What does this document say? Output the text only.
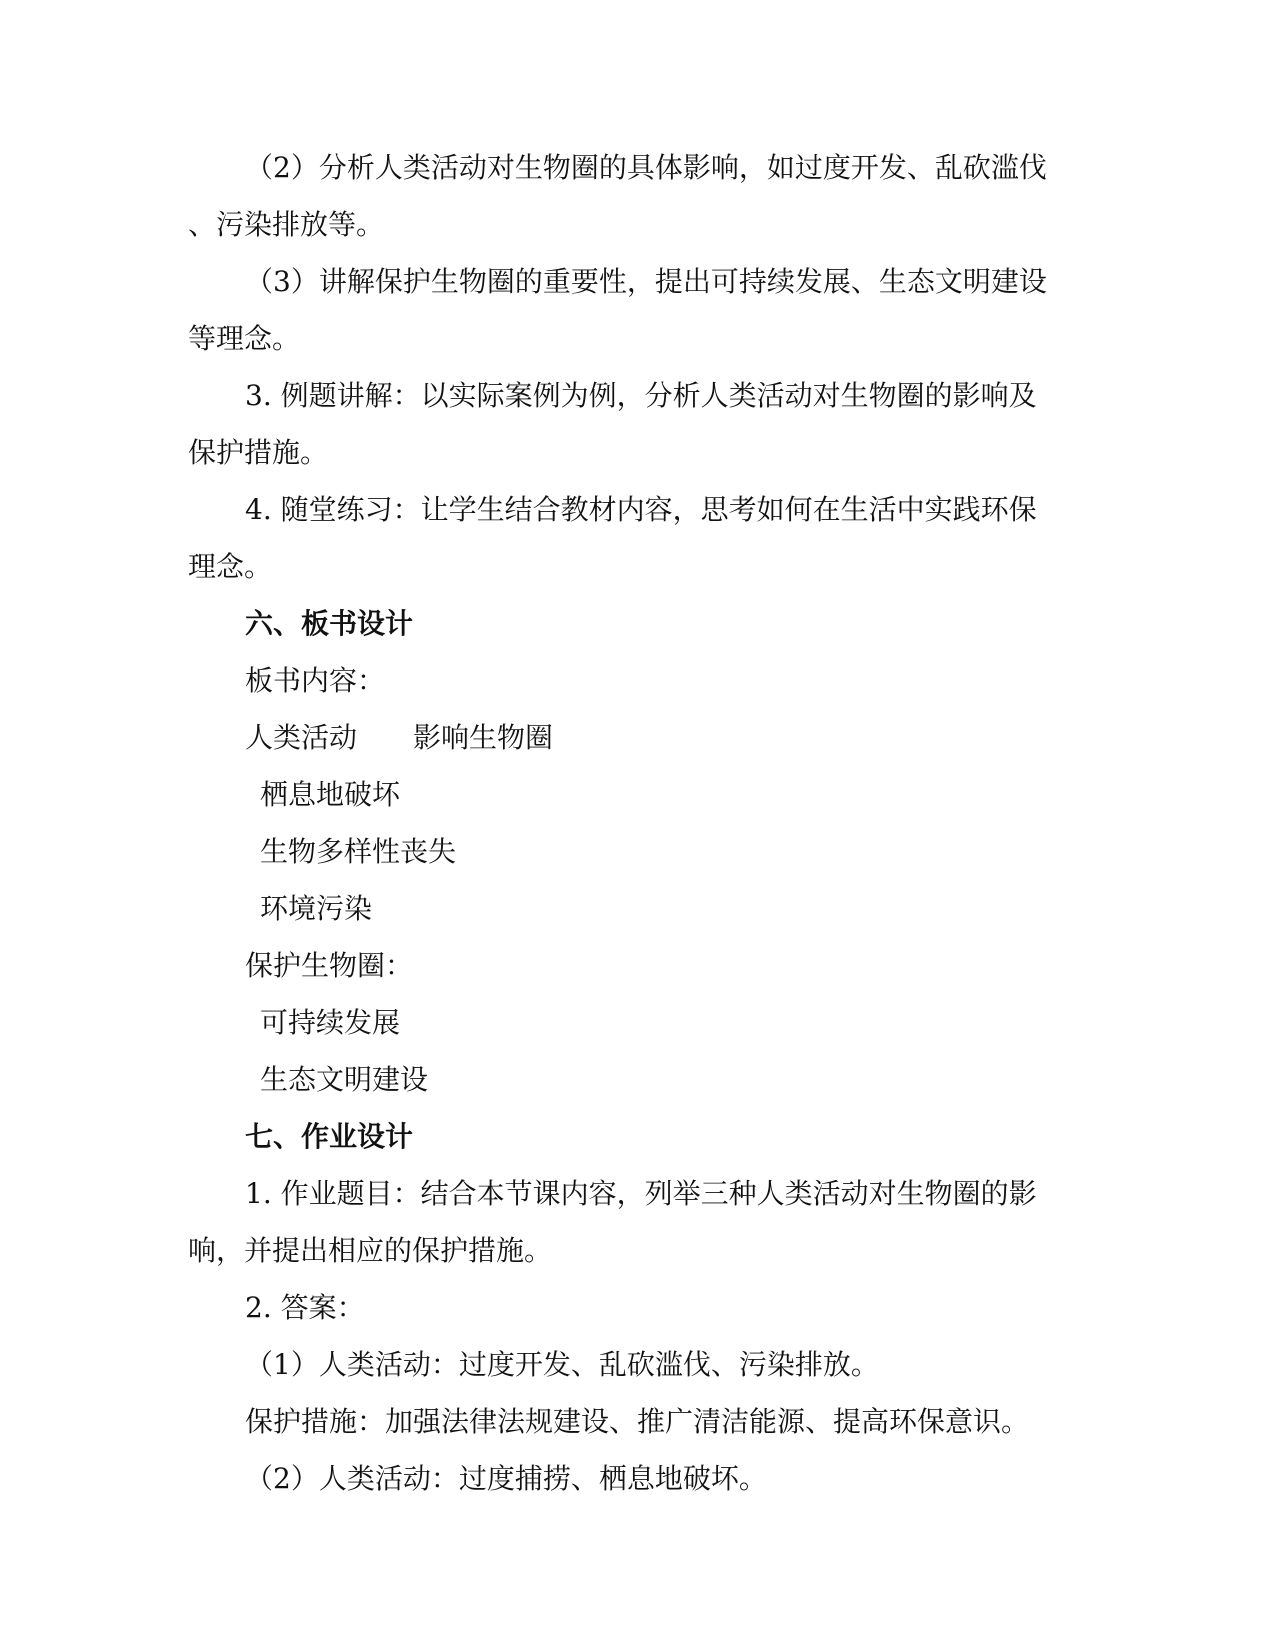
（2）分析人类活动对生物圈的具体影响，如过度开发、乱砍滥伐
、污染排放等。
（3）讲解保护生物圈的重要性，提出可持续发展、生态文明建设
等理念。
3. 例题讲解：以实际案例为例，分析人类活动对生物圈的影响及
保护措施。
4. 随堂练习：让学生结合教材内容，思考如何在生活中实践环保
理念。
六、板书设计
板书内容：
人类活动 影响生物圈
栖息地破坏
生物多样性丧失
环境污染
保护生物圈：
可持续发展
生态文明建设
七、作业设计
1. 作业题目：结合本节课内容，列举三种人类活动对生物圈的影
响，并提出相应的保护措施。
2. 答案：
（1）人类活动：过度开发、乱砍滥伐、污染排放。
保护措施：加强法律法规建设、推广清洁能源、提高环保意识。
（2）人类活动：过度捕捞、栖息地破坏。
